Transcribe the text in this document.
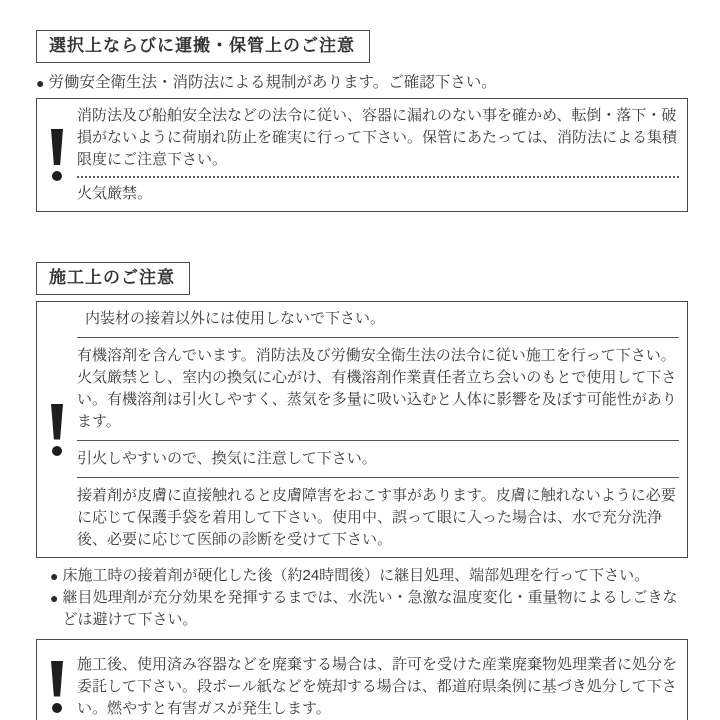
選択上ならびに運搬・保管上のご注意
● 労働安全衛生法・消防法による規制があります。ご確認下さい。

消防法及び船舶安全法などの法令に従い、容器に漏れのない事を確かめ、転倒・落下・破損がないように荷崩れ防止を確実に行って下さい。保管にあたっては、消防法による集積限度にご注意下さい。

火気厳禁。

施工上のご注意

内装材の接着以外には使用しないで下さい。

有機溶剤を含んでいます。消防法及び労働安全衛生法の法令に従い施工を行って下さい。火気厳禁とし、室内の換気に心がけ、有機溶剤作業責任者立ち会いのもとで使用して下さい。有機溶剤は引火しやすく、蒸気を多量に吸い込むと人体に影響を及ぼす可能性があります。

引火しやすいので、換気に注意して下さい。

接着剤が皮膚に直接触れると皮膚障害をおこす事があります。皮膚に触れないように必要に応じて保護手袋を着用して下さい。使用中、誤って眼に入った場合は、水で充分洗浄後、必要に応じて医師の診断を受けて下さい。

● 床施工時の接着剤が硬化した後（約24時間後）に継目処理、端部処理を行って下さい。
● 継目処理剤が充分効果を発揮するまでは、水洗い・急激な温度変化・重量物によるしごきなどは避けて下さい。

施工後、使用済み容器などを廃棄する場合は、許可を受けた産業廃棄物処理業者に処分を委託して下さい。段ボール紙などを焼却する場合は、都道府県条例に基づき処分して下さい。燃やすと有害ガスが発生します。
